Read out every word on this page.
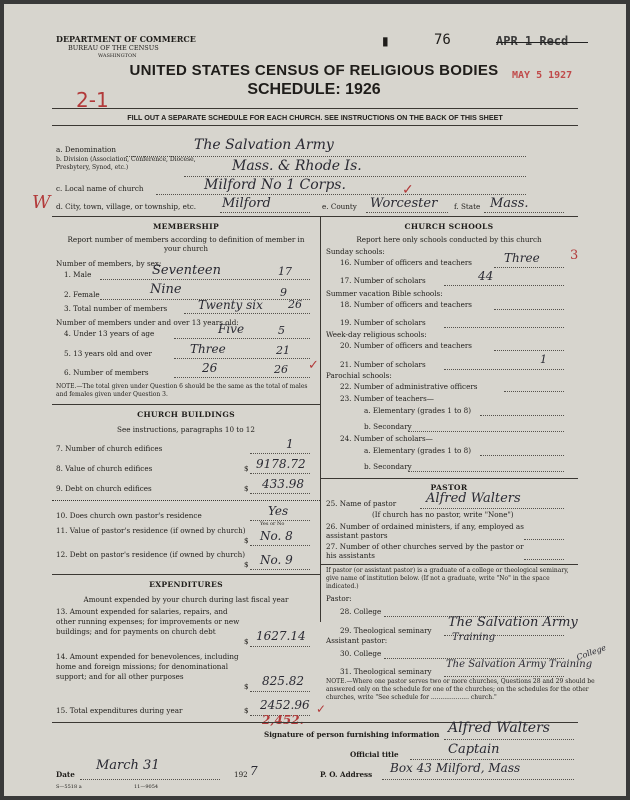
DEPARTMENT OF COMMERCE
BUREAU OF THE CENSUS
WASHINGTON
▮	76	APR 1 Recd
MAY 5 1927
UNITED STATES CENSUS OF RELIGIOUS BODIES
SCHEDULE: 1926
2-1
FILL OUT A SEPARATE SCHEDULE FOR EACH CHURCH. SEE INSTRUCTIONS ON THE BACK OF THIS SHEET
a. Denomination	The Salvation Army
b. Division (Association, Conference, Diocese, Presbytery, Synod, etc.)	Mass. & Rhode Is.
c. Local name of church	Milford No 1 Corps.
W d. City, town, village, or township, etc. Milford	e. County Worcester
✓
f. State Mass.
MEMBERSHIP
Report number of members according to definition of member in your church
Number of members, by sex:
1. Male	Seventeen	17
2. Female	Nine	9
3. Total number of members	Twenty six 26
Number of members under and over 13 years old:
4. Under 13 years of age	Five	5
5. 13 years old and over	Three	21
6. Number of members	26	26 ✓
NOTE.—The total given under Question 6 should be the same as the total of males and females given under Question 3.
CHURCH BUILDINGS
See instructions, paragraphs 10 to 12
7. Number of church edifices	1
8. Value of church edifices	$ 9178.72
9. Debt on church edifices	$ 433.98
10. Does church own pastor's residence	Yes
Yes or No
11. Value of pastor's residence (if owned by church)
$ No. 8
12. Debt on pastor's residence (if owned by church)
$ No. 9
EXPENDITURES
Amount expended by your church during last fiscal year
13. Amount expended for salaries, repairs, and other running expenses; for improvements or new buildings; and for payments on church debt
$ 1627.14
14. Amount expended for benevolences, including home and foreign missions; for denominational support; and for all other purposes
$ 825.82
15. Total expenditures during year	$ 2452.96
2,452.
✓
CHURCH SCHOOLS
Report here only schools conducted by this church
Sunday schools:
16. Number of officers and teachers	Three 3
17. Number of scholars	44
Summer vacation Bible schools:
18. Number of officers and teachers
19. Number of scholars
Week-day religious schools:
20. Number of officers and teachers
21. Number of scholars	1
Parochial schools:
22. Number of administrative officers
23. Number of teachers—
a. Elementary (grades 1 to 8)
b. Secondary
24. Number of scholars—
a. Elementary (grades 1 to 8)
b. Secondary
PASTOR
25. Name of pastor Alfred Walters
(If church has no pastor, write "None")
26. Number of ordained ministers, if any, employed as assistant pastors
27. Number of other churches served by the pastor or his assistants
If pastor (or assistant pastor) is a graduate of a college or theological seminary, give name of institution below. (If not a graduate, write "No" in the space indicated.)
Pastor:
28. College
29. Theological seminary
The Salvation Army
Training
Assistant pastor:
30. College
31. Theological seminary
The Salvation Army Training
College
NOTE.—Where one pastor serves two or more churches, Questions 28 and 29 should be answered only on the schedule for one of the churches; on the schedules for the other churches, write "See schedule for .................... church."
Signature of person furnishing information Alfred Walters
Official title	Captain
Date
March 31
192 7	P. O. Address Box 43 Milford, Mass
S—5518 a	11—9054
